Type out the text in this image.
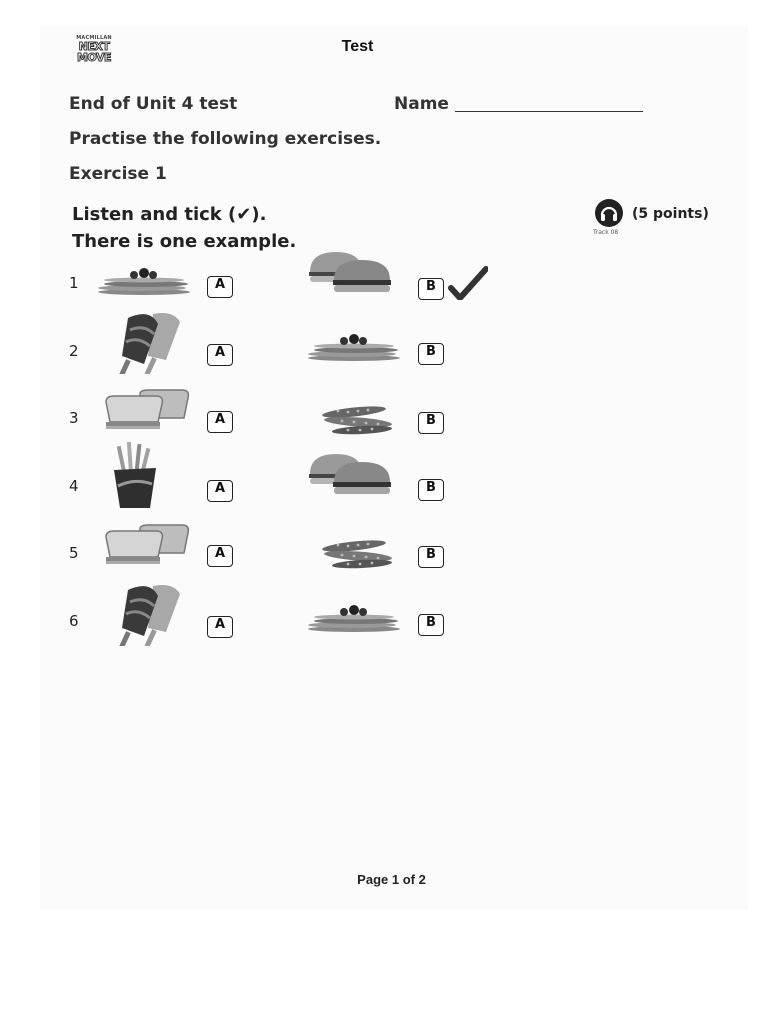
MACMILLAN
NEXT
MOVE
Test
End of Unit 4 test	Name
Practise the following exercises.
Exercise 1
Listen and tick (✔).
There is one example.	Track 08
(5 points)
1	A	B
2	A	B
3	A	B
4	A	B
5	A	B
6	A	B
Page 1 of 2
